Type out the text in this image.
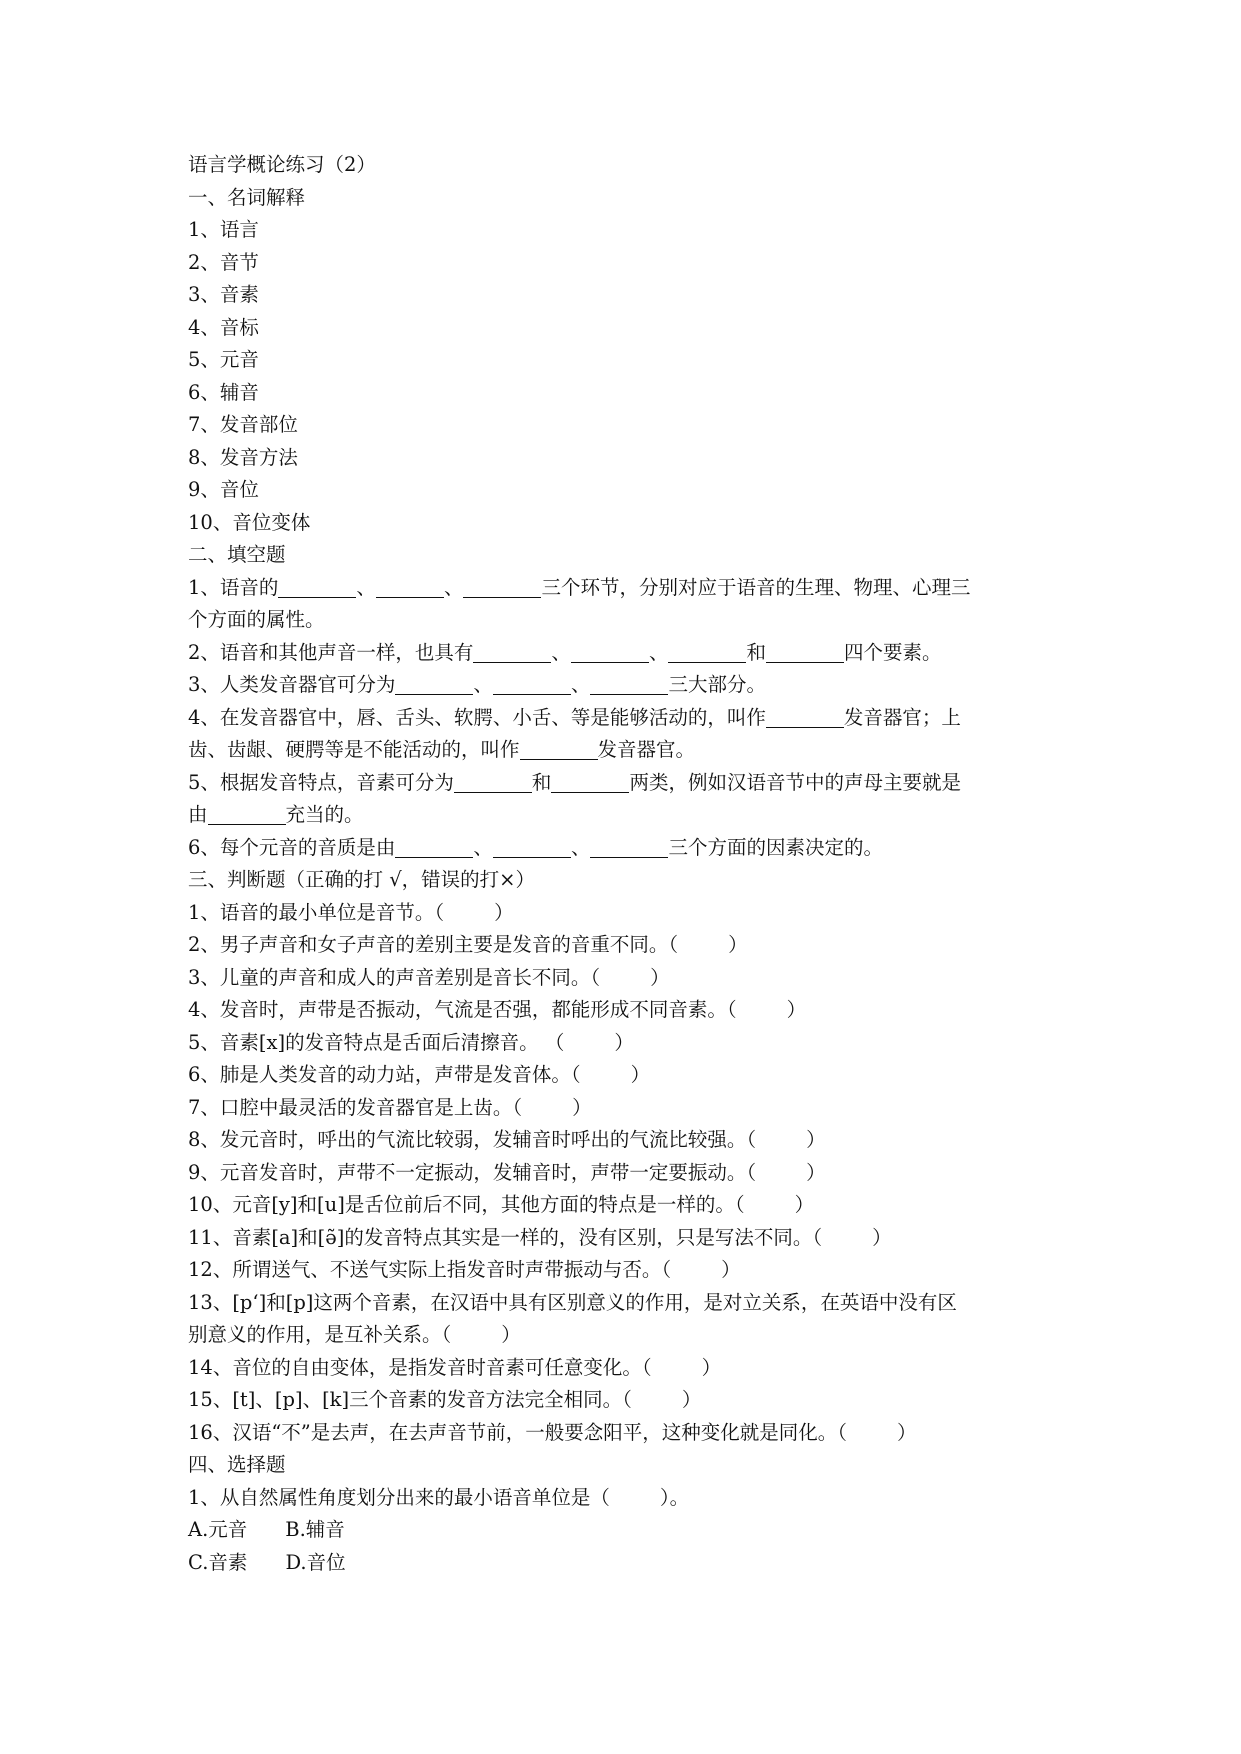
语言学概论练习（2）
一、名词解释
1、语言
2、音节
3、音素
4、音标
5、元音
6、辅音
7、发音部位
8、发音方法
9、音位
10、音位变体
二、填空题
1、语音的	、	、	三个环节，分别对应于语音的生理、物理、心理三
个方面的属性。
2、语音和其他声音一样，也具有	、	、	和	四个要素。
3、人类发音器官可分为	、	、	三大部分。
4、在发音器官中，唇、舌头、软腭、小舌、等是能够活动的，叫作	发音器官；上
齿、齿龈、硬腭等是不能活动的，叫作	发音器官。
5、根据发音特点，音素可分为	和	两类，例如汉语音节中的声母主要就是
由	充当的。
6、每个元音的音质是由	、	、	三个方面的因素决定的。
三、判断题（正确的打 √，错误的打×）
1、语音的最小单位是音节。（	）
2、男子声音和女子声音的差别主要是发音的音重不同。（	）
3、儿童的声音和成人的声音差别是音长不同。（	）
4、发音时，声带是否振动，气流是否强，都能形成不同音素。（	）
5、音素[x]的发音特点是舌面后清擦音。 （	）
6、肺是人类发音的动力站，声带是发音体。（	）
7、口腔中最灵活的发音器官是上齿。（	）
8、发元音时，呼出的气流比较弱，发辅音时呼出的气流比较强。（	）
9、元音发音时，声带不一定振动，发辅音时，声带一定要振动。（	）
10、元音[y]和[u]是舌位前后不同，其他方面的特点是一样的。（	）
11、音素[a]和[ə̃]的发音特点其实是一样的，没有区别，只是写法不同。（	）
12、所谓送气、不送气实际上指发音时声带振动与否。（	）
13、[p‘]和[p]这两个音素，在汉语中具有区别意义的作用，是对立关系，在英语中没有区
别意义的作用，是互补关系。（	）
14、音位的自由变体，是指发音时音素可任意变化。（	）
15、[t]、[p]、[k]三个音素的发音方法完全相同。（	）
16、汉语“不”是去声，在去声音节前，一般要念阳平，这种变化就是同化。（	）
四、选择题
1、从自然属性角度划分出来的最小语音单位是（	）。
A.元音 B.辅音
C.音素 D.音位
